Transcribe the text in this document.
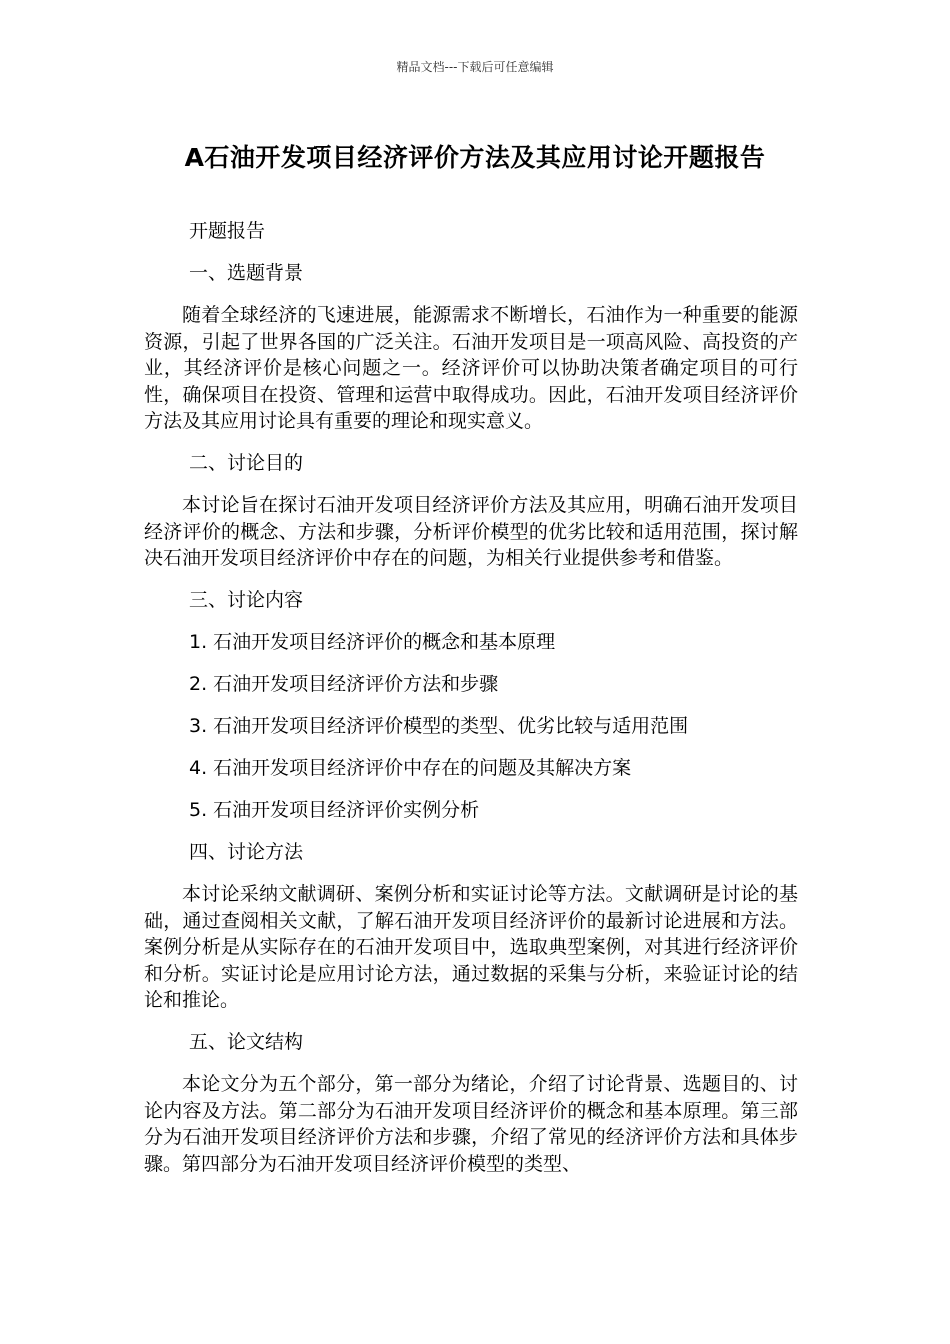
精品文档---下载后可任意编辑
A石油开发项目经济评价方法及其应用讨论开题报告
开题报告
一、选题背景
随着全球经济的飞速进展，能源需求不断增长，石油作为一种重要的能源资源，引起了世界各国的广泛关注。石油开发项目是一项高风险、高投资的产业，其经济评价是核心问题之一。经济评价可以协助决策者确定项目的可行性，确保项目在投资、管理和运营中取得成功。因此，石油开发项目经济评价方法及其应用讨论具有重要的理论和现实意义。
二、讨论目的
本讨论旨在探讨石油开发项目经济评价方法及其应用，明确石油开发项目经济评价的概念、方法和步骤，分析评价模型的优劣比较和适用范围，探讨解决石油开发项目经济评价中存在的问题，为相关行业提供参考和借鉴。
三、讨论内容
1. 石油开发项目经济评价的概念和基本原理
2. 石油开发项目经济评价方法和步骤
3. 石油开发项目经济评价模型的类型、优劣比较与适用范围
4. 石油开发项目经济评价中存在的问题及其解决方案
5. 石油开发项目经济评价实例分析
四、讨论方法
本讨论采纳文献调研、案例分析和实证讨论等方法。文献调研是讨论的基础，通过查阅相关文献，了解石油开发项目经济评价的最新讨论进展和方法。案例分析是从实际存在的石油开发项目中，选取典型案例，对其进行经济评价和分析。实证讨论是应用讨论方法，通过数据的采集与分析，来验证讨论的结论和推论。
五、论文结构
本论文分为五个部分，第一部分为绪论，介绍了讨论背景、选题目的、讨论内容及方法。第二部分为石油开发项目经济评价的概念和基本原理。第三部分为石油开发项目经济评价方法和步骤，介绍了常见的经济评价方法和具体步骤。第四部分为石油开发项目经济评价模型的类型、
